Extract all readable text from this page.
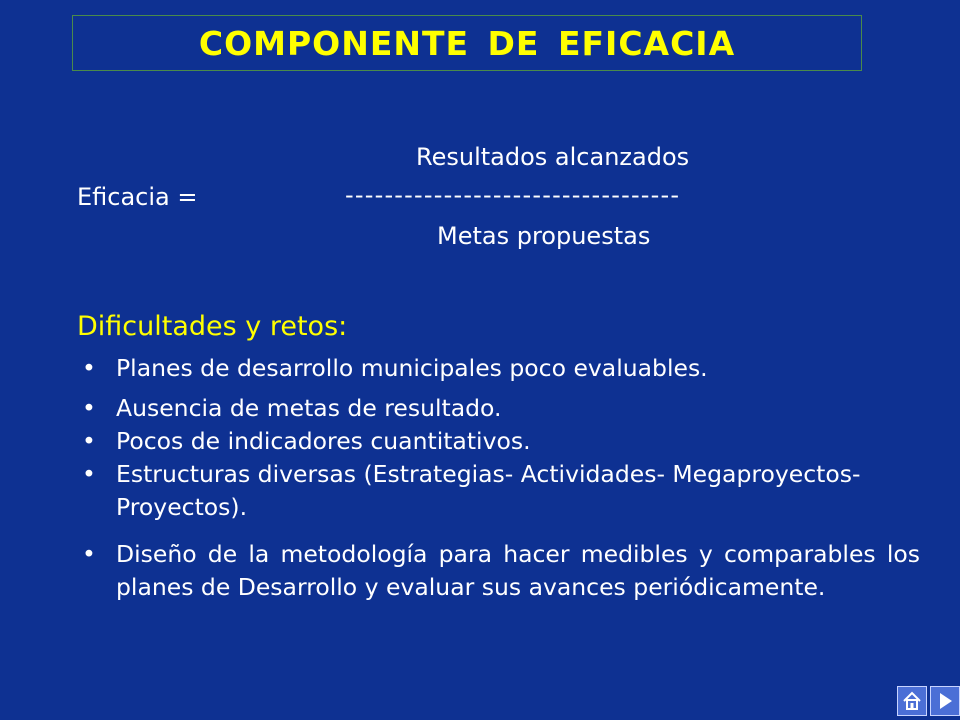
COMPONENTE DE EFICACIA
Resultados alcanzados
Eficacia =	----------------------------------
Metas propuestas
Dificultades y retos:
• Planes de desarrollo municipales poco evaluables.
• Ausencia de metas de resultado.
• Pocos de indicadores cuantitativos.
• Estructuras diversas (Estrategias- Actividades- Megaproyectos- Proyectos).
• Diseño de la metodología para hacer medibles y comparables los planes de Desarrollo y evaluar sus avances periódicamente.
